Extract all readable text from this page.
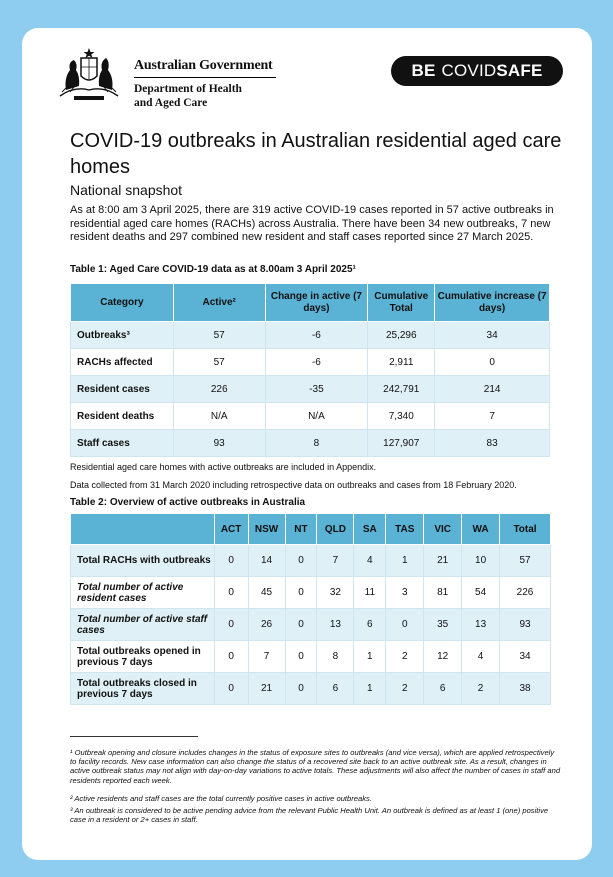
Australian Government
Department of Health
and Aged Care
BE COVID SAFE
COVID-19 outbreaks in Australian residential aged care homes
National snapshot
As at 8:00 am 3 April 2025, there are 319 active COVID-19 cases reported in 57 active outbreaks in residential aged care homes (RACHs) across Australia. There have been 34 new outbreaks, 7 new resident deaths and 297 combined new resident and staff cases reported since 27 March 2025.
Table 1: Aged Care COVID-19 data as at 8.00am 3 April 2025¹
Category	Active²	Change in active (7 days)	Cumulative Total	Cumulative increase (7 days)
Outbreaks³	57	-6	25,296	34
RACHs affected	57	-6	2,911	0
Resident cases	226	-35	242,791	214
Resident deaths	N/A	N/A	7,340	7
Staff cases	93	8	127,907	83
Residential aged care homes with active outbreaks are included in Appendix.
Data collected from 31 March 2020 including retrospective data on outbreaks and cases from 18 February 2020.
Table 2: Overview of active outbreaks in Australia
	ACT	NSW	NT	QLD	SA	TAS	VIC	WA	Total
Total RACHs with outbreaks	0	14	0	7	4	1	21	10	57
Total number of active resident cases	0	45	0	32	11	3	81	54	226
Total number of active staff cases	0	26	0	13	6	0	35	13	93
Total outbreaks opened in previous 7 days	0	7	0	8	1	2	12	4	34
Total outbreaks closed in previous 7 days	0	21	0	6	1	2	6	2	38
¹ Outbreak opening and closure includes changes in the status of exposure sites to outbreaks (and vice versa), which are applied retrospectively to facility records. New case information can also change the status of a recovered site back to an active outbreak site. As a result, changes in active outbreak status may not align with day-on-day variations to active totals. These adjustments will also affect the number of cases in staff and residents reported each week.
² Active residents and staff cases are the total currently positive cases in active outbreaks.
³ An outbreak is considered to be active pending advice from the relevant Public Health Unit. An outbreak is defined as at least 1 (one) positive case in a resident or 2+ cases in staff.
